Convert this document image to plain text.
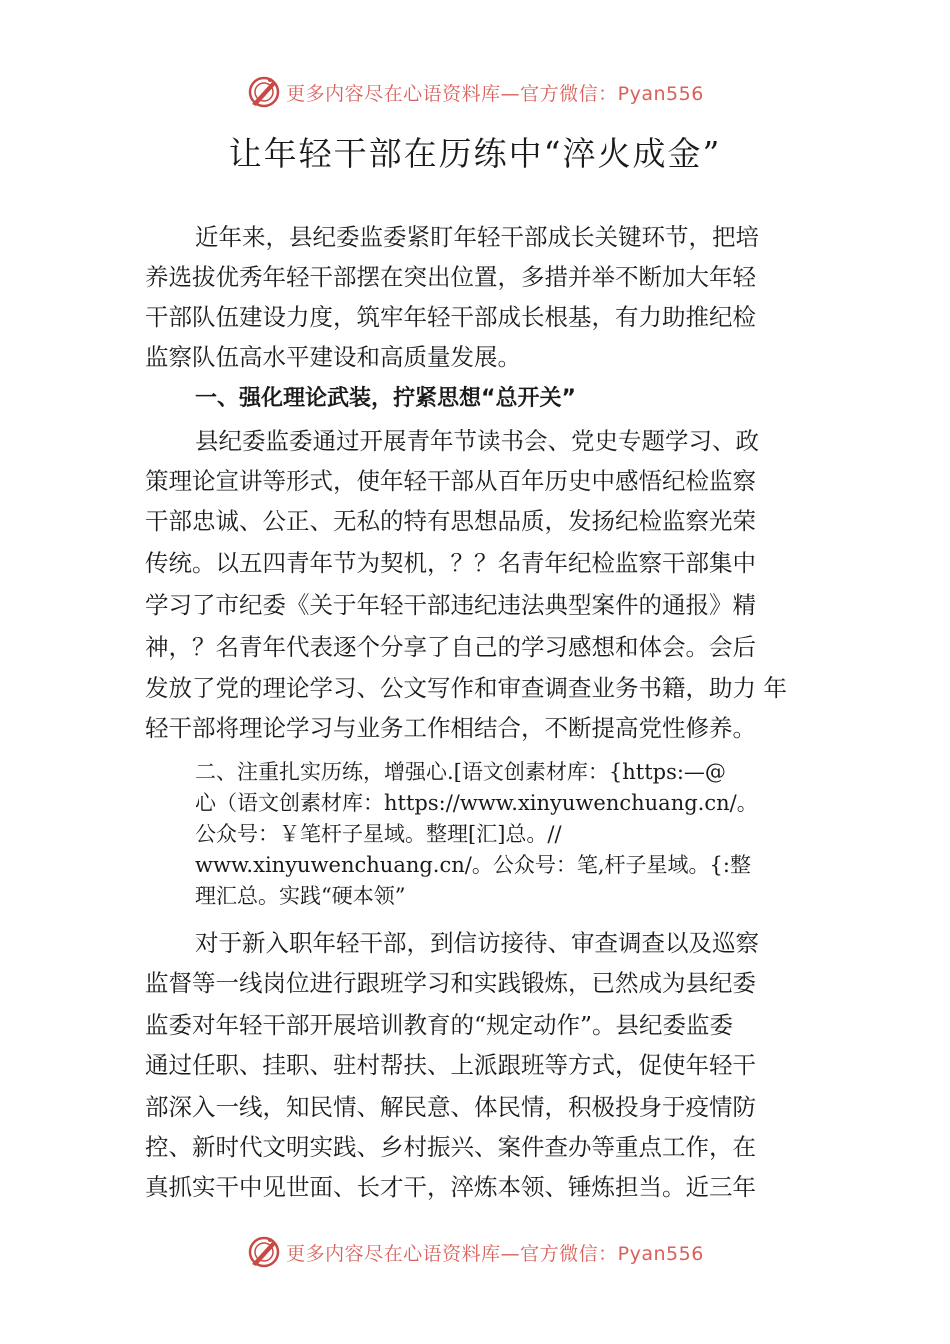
更多内容尽在心语资料库—官方微信：Pyan556
让年轻干部在历练中“淬火成金”

近年来，县纪委监委紧盯年轻干部成长关键环节，把培

养选拔优秀年轻干部摆在突出位置，多措并举不断加大年轻

干部队伍建设力度，筑牢年轻干部成长根基，有力助推纪检

监察队伍高水平建设和高质量发展。

一、强化理论武装，拧紧思想“总开关”

县纪委监委通过开展青年节读书会、党史专题学习、政

策理论宣讲等形式，使年轻干部从百年历史中感悟纪检监察

干部忠诚、公正、无私的特有思想品质，发扬纪检监察光荣

传统。以五四青年节为契机，？？名青年纪检监察干部集中

学习了市纪委《关于年轻干部违纪违法典型案件的通报》精

神，？名青年代表逐个分享了自己的学习感想和体会。会后

发放了党的理论学习、公文写作和审查调查业务书籍，助力 年

轻干部将理论学习与业务工作相结合，不断提高党性修养。

二、注重扎实历练，增强心.[语文创素材库：{https:—@

心（语文创素材库：https://www.xinyuwenchuang.cn/。

公众号：￥笔杆子星域。整理[汇]总。//

www.xinyuwenchuang.cn/。公众号：笔,杆子星域。{:整

理汇总。实践“硬本领”

对于新入职年轻干部，到信访接待、审查调查以及巡察

监督等一线岗位进行跟班学习和实践锻炼，已然成为县纪委

监委对年轻干部开展培训教育的“规定动作”。县纪委监委

通过任职、挂职、驻村帮扶、上派跟班等方式，促使年轻干

部深入一线，知民情、解民意、体民情，积极投身于疫情防

控、新时代文明实践、乡村振兴、案件查办等重点工作，在

真抓实干中见世面、长才干，淬炼本领、锤炼担当。近三年

更多内容尽在心语资料库—官方微信：Pyan556
